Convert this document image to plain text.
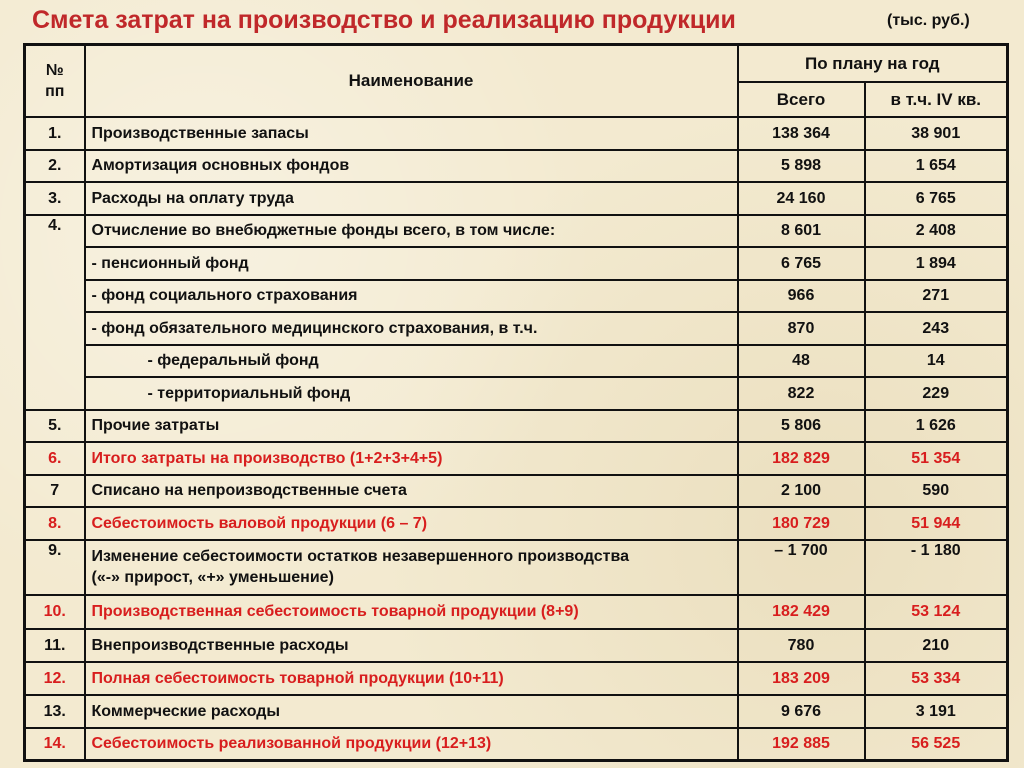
Смета затрат на производство и реализацию продукции	(тыс. руб.)
№
пп	Наименование	По плану на год	
		Всего	в т.ч. IV кв.
1.	Производственные запасы	138 364	38 901
2.	Амортизация основных фондов	5 898	1 654
3.	Расходы на оплату труда	24 160	6 765
4.	Отчисление во внебюджетные фонды всего, в том числе:	8 601	2 408
	- пенсионный фонд	6 765	1 894
	- фонд социального страхования	966	271
	- фонд обязательного медицинского страхования, в т.ч.	870	243
	- федеральный фонд	48	14
	- территориальный фонд	822	229
5.	Прочие затраты	5 806	1 626
6.	Итого затраты на производство (1+2+3+4+5)	182 829	51 354
7	Списано на непроизводственные счета	2 100	590
8.	Себестоимость валовой продукции (6 – 7)	180 729	51 944
9.	Изменение себестоимости остатков незавершенного производства
(«-» прирост, «+» уменьшение)	– 1 700	- 1 180
10.	Производственная себестоимость товарной продукции (8+9)	182 429	53 124
11.	Внепроизводственные расходы	780	210
12.	Полная себестоимость товарной продукции (10+11)	183 209	53 334
13.	Коммерческие расходы	9 676	3 191
14.	Себестоимость реализованной продукции (12+13)	192 885	56 525
